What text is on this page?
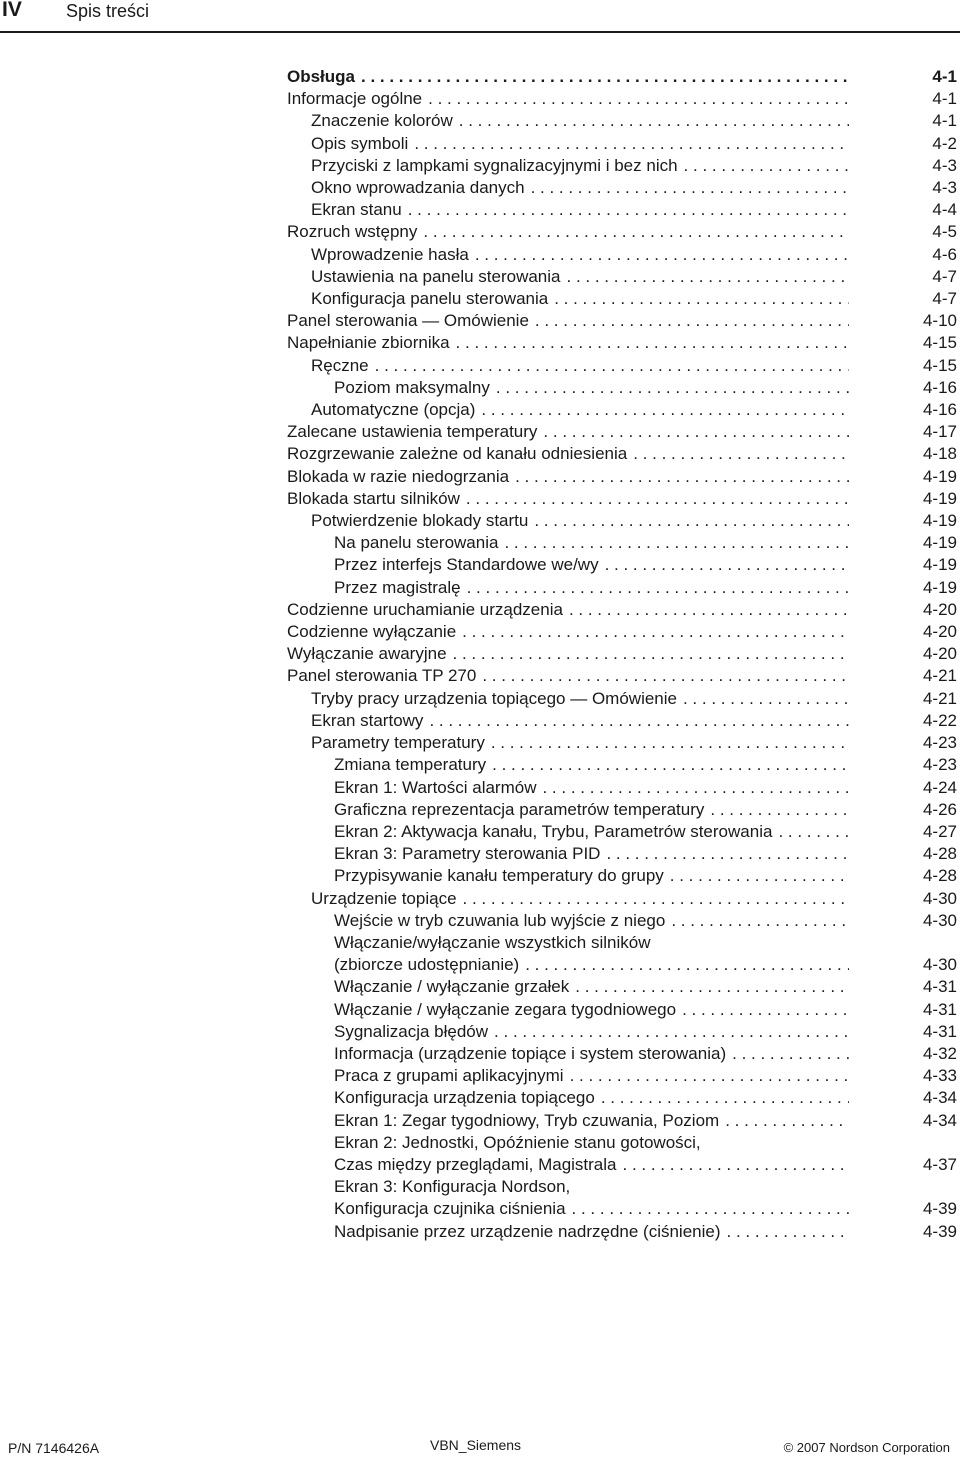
IV Spis treści
Obsługa . . .	4-1
Informacje ogólne . . .	4-1
Znaczenie kolorów . . .	4-1
Opis symboli . . .	4-2
Przyciski z lampkami sygnalizacyjnymi i bez nich . . .	4-3
Okno wprowadzania danych . . .	4-3
Ekran stanu . . .	4-4
Rozruch wstępny . . .	4-5
Wprowadzenie hasła . . .	4-6
Ustawienia na panelu sterowania . . .	4-7
Konfiguracja panelu sterowania . . .	4-7
Panel sterowania — Omówienie . . .	4-10
Napełnianie zbiornika . . .	4-15
Ręczne . . .	4-15
Poziom maksymalny . . .	4-16
Automatyczne (opcja) . . .	4-16
Zalecane ustawienia temperatury . . .	4-17
Rozgrzewanie zależne od kanału odniesienia . . .	4-18
Blokada w razie niedogrzania . . .	4-19
Blokada startu silników . . .	4-19
Potwierdzenie blokady startu . . .	4-19
Na panelu sterowania . . .	4-19
Przez interfejs Standardowe we/wy . . .	4-19
Przez magistralę . . .	4-19
Codzienne uruchamianie urządzenia . . .	4-20
Codzienne wyłączanie . . .	4-20
Wyłączanie awaryjne . . .	4-20
Panel sterowania TP 270 . . .	4-21
Tryby pracy urządzenia topiącego — Omówienie . . .	4-21
Ekran startowy . . .	4-22
Parametry temperatury . . .	4-23
Zmiana temperatury . . .	4-23
Ekran 1: Wartości alarmów . . .	4-24
Graficzna reprezentacja parametrów temperatury . . .	4-26
Ekran 2: Aktywacja kanału, Trybu, Parametrów sterowania . . .	4-27
Ekran 3: Parametry sterowania PID . . .	4-28
Przypisywanie kanału temperatury do grupy . . .	4-28
Urządzenie topiące . . .	4-30
Wejście w tryb czuwania lub wyjście z niego . . .	4-30
Włączanie/wyłączanie wszystkich silników
(zbiorcze udostępnianie) . . .	4-30
Włączanie / wyłączanie grzałek . . .	4-31
Włączanie / wyłączanie zegara tygodniowego . . .	4-31
Sygnalizacja błędów . . .	4-31
Informacja (urządzenie topiące i system sterowania) . . .	4-32
Praca z grupami aplikacyjnymi . . .	4-33
Konfiguracja urządzenia topiącego . . .	4-34
Ekran 1: Zegar tygodniowy, Tryb czuwania, Poziom . . .	4-34
Ekran 2: Jednostki, Opóźnienie stanu gotowości,
Czas między przeglądami, Magistrala . . .	4-37
Ekran 3: Konfiguracja Nordson,
Konfiguracja czujnika ciśnienia . . .	4-39
Nadpisanie przez urządzenie nadrzędne (ciśnienie) . . .	4-39
P/N 7146426A	VBN_Siemens	© 2007 Nordson Corporation
